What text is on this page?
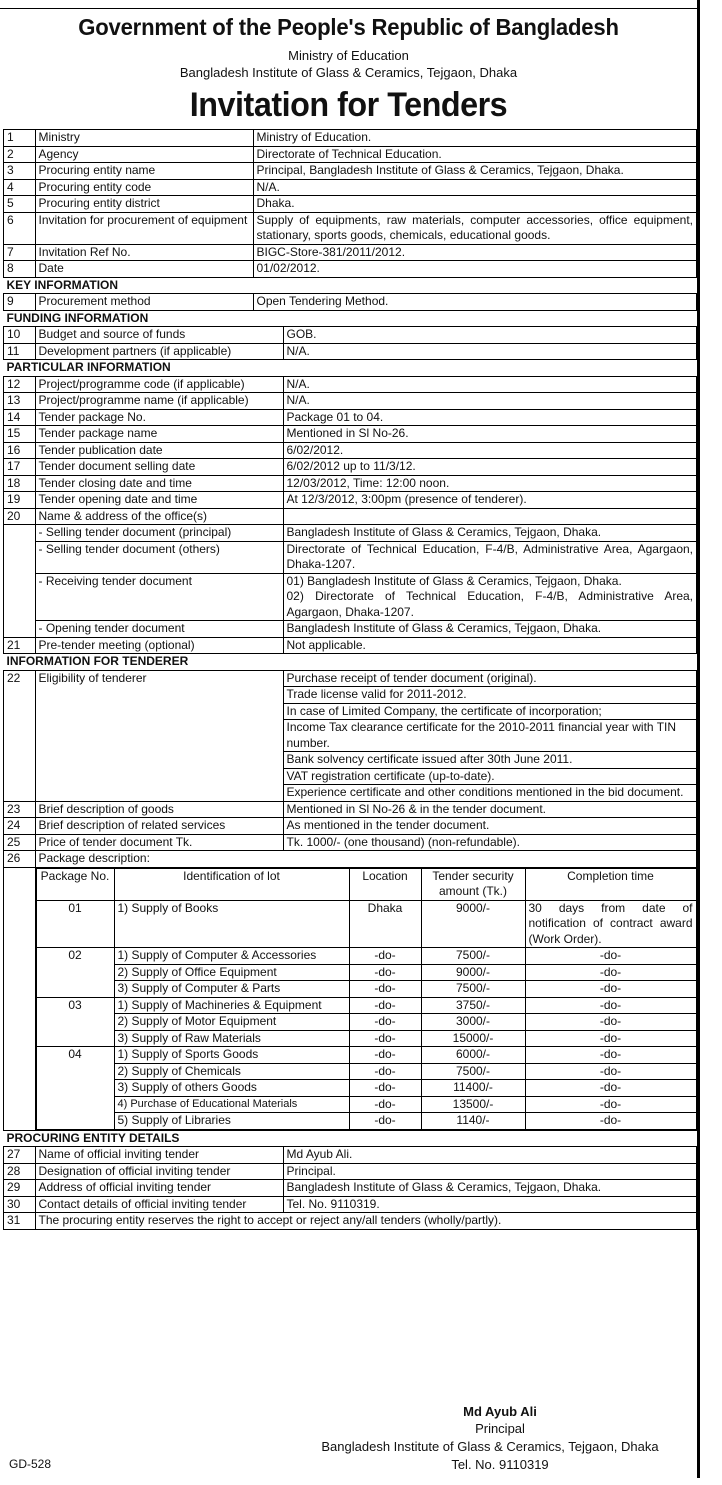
Government of the People's Republic of Bangladesh
Ministry of Education
Bangladesh Institute of Glass & Ceramics, Tejgaon, Dhaka
Invitation for Tenders
1	Ministry	Ministry of Education.
2	Agency	Directorate of Technical Education.
3	Procuring entity name	Principal, Bangladesh Institute of Glass & Ceramics, Tejgaon, Dhaka.
4	Procuring entity code	N/A.
5	Procuring entity district	Dhaka.
6	Invitation for procurement of equipment	Supply of equipments, raw materials, computer accessories, office equipment, stationary, sports goods, chemicals, educational goods.
7	Invitation Ref No.	BIGC-Store-381/2011/2012.
8	Date	01/02/2012.
KEY INFORMATION
9	Procurement method	Open Tendering Method.
FUNDING INFORMATION
10	Budget and source of funds	GOB.
11	Development partners (if applicable)	N/A.
PARTICULAR INFORMATION
12	Project/programme code (if applicable)	N/A.
13	Project/programme name (if applicable)	N/A.
14	Tender package No.	Package 01 to 04.
15	Tender package name	Mentioned in Sl No-26.
16	Tender publication date	6/02/2012.
17	Tender document selling date	6/02/2012 up to 11/3/12.
18	Tender closing date and time	12/03/2012, Time: 12:00 noon.
19	Tender opening date and time	At 12/3/2012, 3:00pm (presence of tenderer).
20	Name & address of the office(s)	
	- Selling tender document (principal)	Bangladesh Institute of Glass & Ceramics, Tejgaon, Dhaka.
	- Selling tender document (others)	Directorate of Technical Education, F-4/B, Administrative Area, Agargaon, Dhaka-1207.
	- Receiving tender document	01) Bangladesh Institute of Glass & Ceramics, Tejgaon, Dhaka.
02) Directorate of Technical Education, F-4/B, Administrative Area, Agargaon, Dhaka-1207.

	- Opening tender document	Bangladesh Institute of Glass & Ceramics, Tejgaon, Dhaka.
21	Pre-tender meeting (optional)	Not applicable.
INFORMATION FOR TENDERER
22	Eligibility of tenderer	Purchase receipt of tender document (original).
Trade license valid for 2011-2012.
In case of Limited Company, the certificate of incorporation;
Income Tax clearance certificate for the 2010-2011 financial year with TIN number.
Bank solvency certificate issued after 30th June 2011.
VAT registration certificate (up-to-date).
Experience certificate and other conditions mentioned in the bid document.
23	Brief description of goods	Mentioned in Sl No-26 & in the tender document.
24	Brief description of related services	As mentioned in the tender document.
25	Price of tender document Tk.	Tk. 1000/- (one thousand) (non-refundable).
26	Package description:

Package No.	Identification of lot	Location	Tender security amount (Tk.)	Completion time
01	1) Supply of Books	Dhaka	9000/-	30 days from date of notification of contract award (Work Order).
02	1) Supply of Computer & Accessories	-do-	7500/-	-do-
2) Supply of Office Equipment	-do-	9000/-	-do-
3) Supply of Computer & Parts	-do-	7500/-	-do-
03	1) Supply of Machineries & Equipment	-do-	3750/-	-do-
2) Supply of Motor Equipment	-do-	3000/-	-do-
3) Supply of Raw Materials	-do-	15000/-	-do-
04	1) Supply of Sports Goods	-do-	6000/-	-do-
2) Supply of Chemicals	-do-	7500/-	-do-
3) Supply of others Goods	-do-	11400/-	-do-
4) Purchase of Educational Materials	-do-	13500/-	-do-
5) Supply of Libraries	-do-	1140/-	-do-

PROCURING ENTITY DETAILS
27	Name of official inviting tender	Md Ayub Ali.
28	Designation of official inviting tender	Principal.
29	Address of official inviting tender	Bangladesh Institute of Glass & Ceramics, Tejgaon, Dhaka.
30	Contact details of official inviting tender	Tel. No. 9110319.
31	The procuring entity reserves the right to accept or reject any/all tenders (wholly/partly).
Md Ayub Ali
Principal
Bangladesh Institute of Glass & Ceramics, Tejgaon, Dhaka
Tel. No. 9110319
GD-528
